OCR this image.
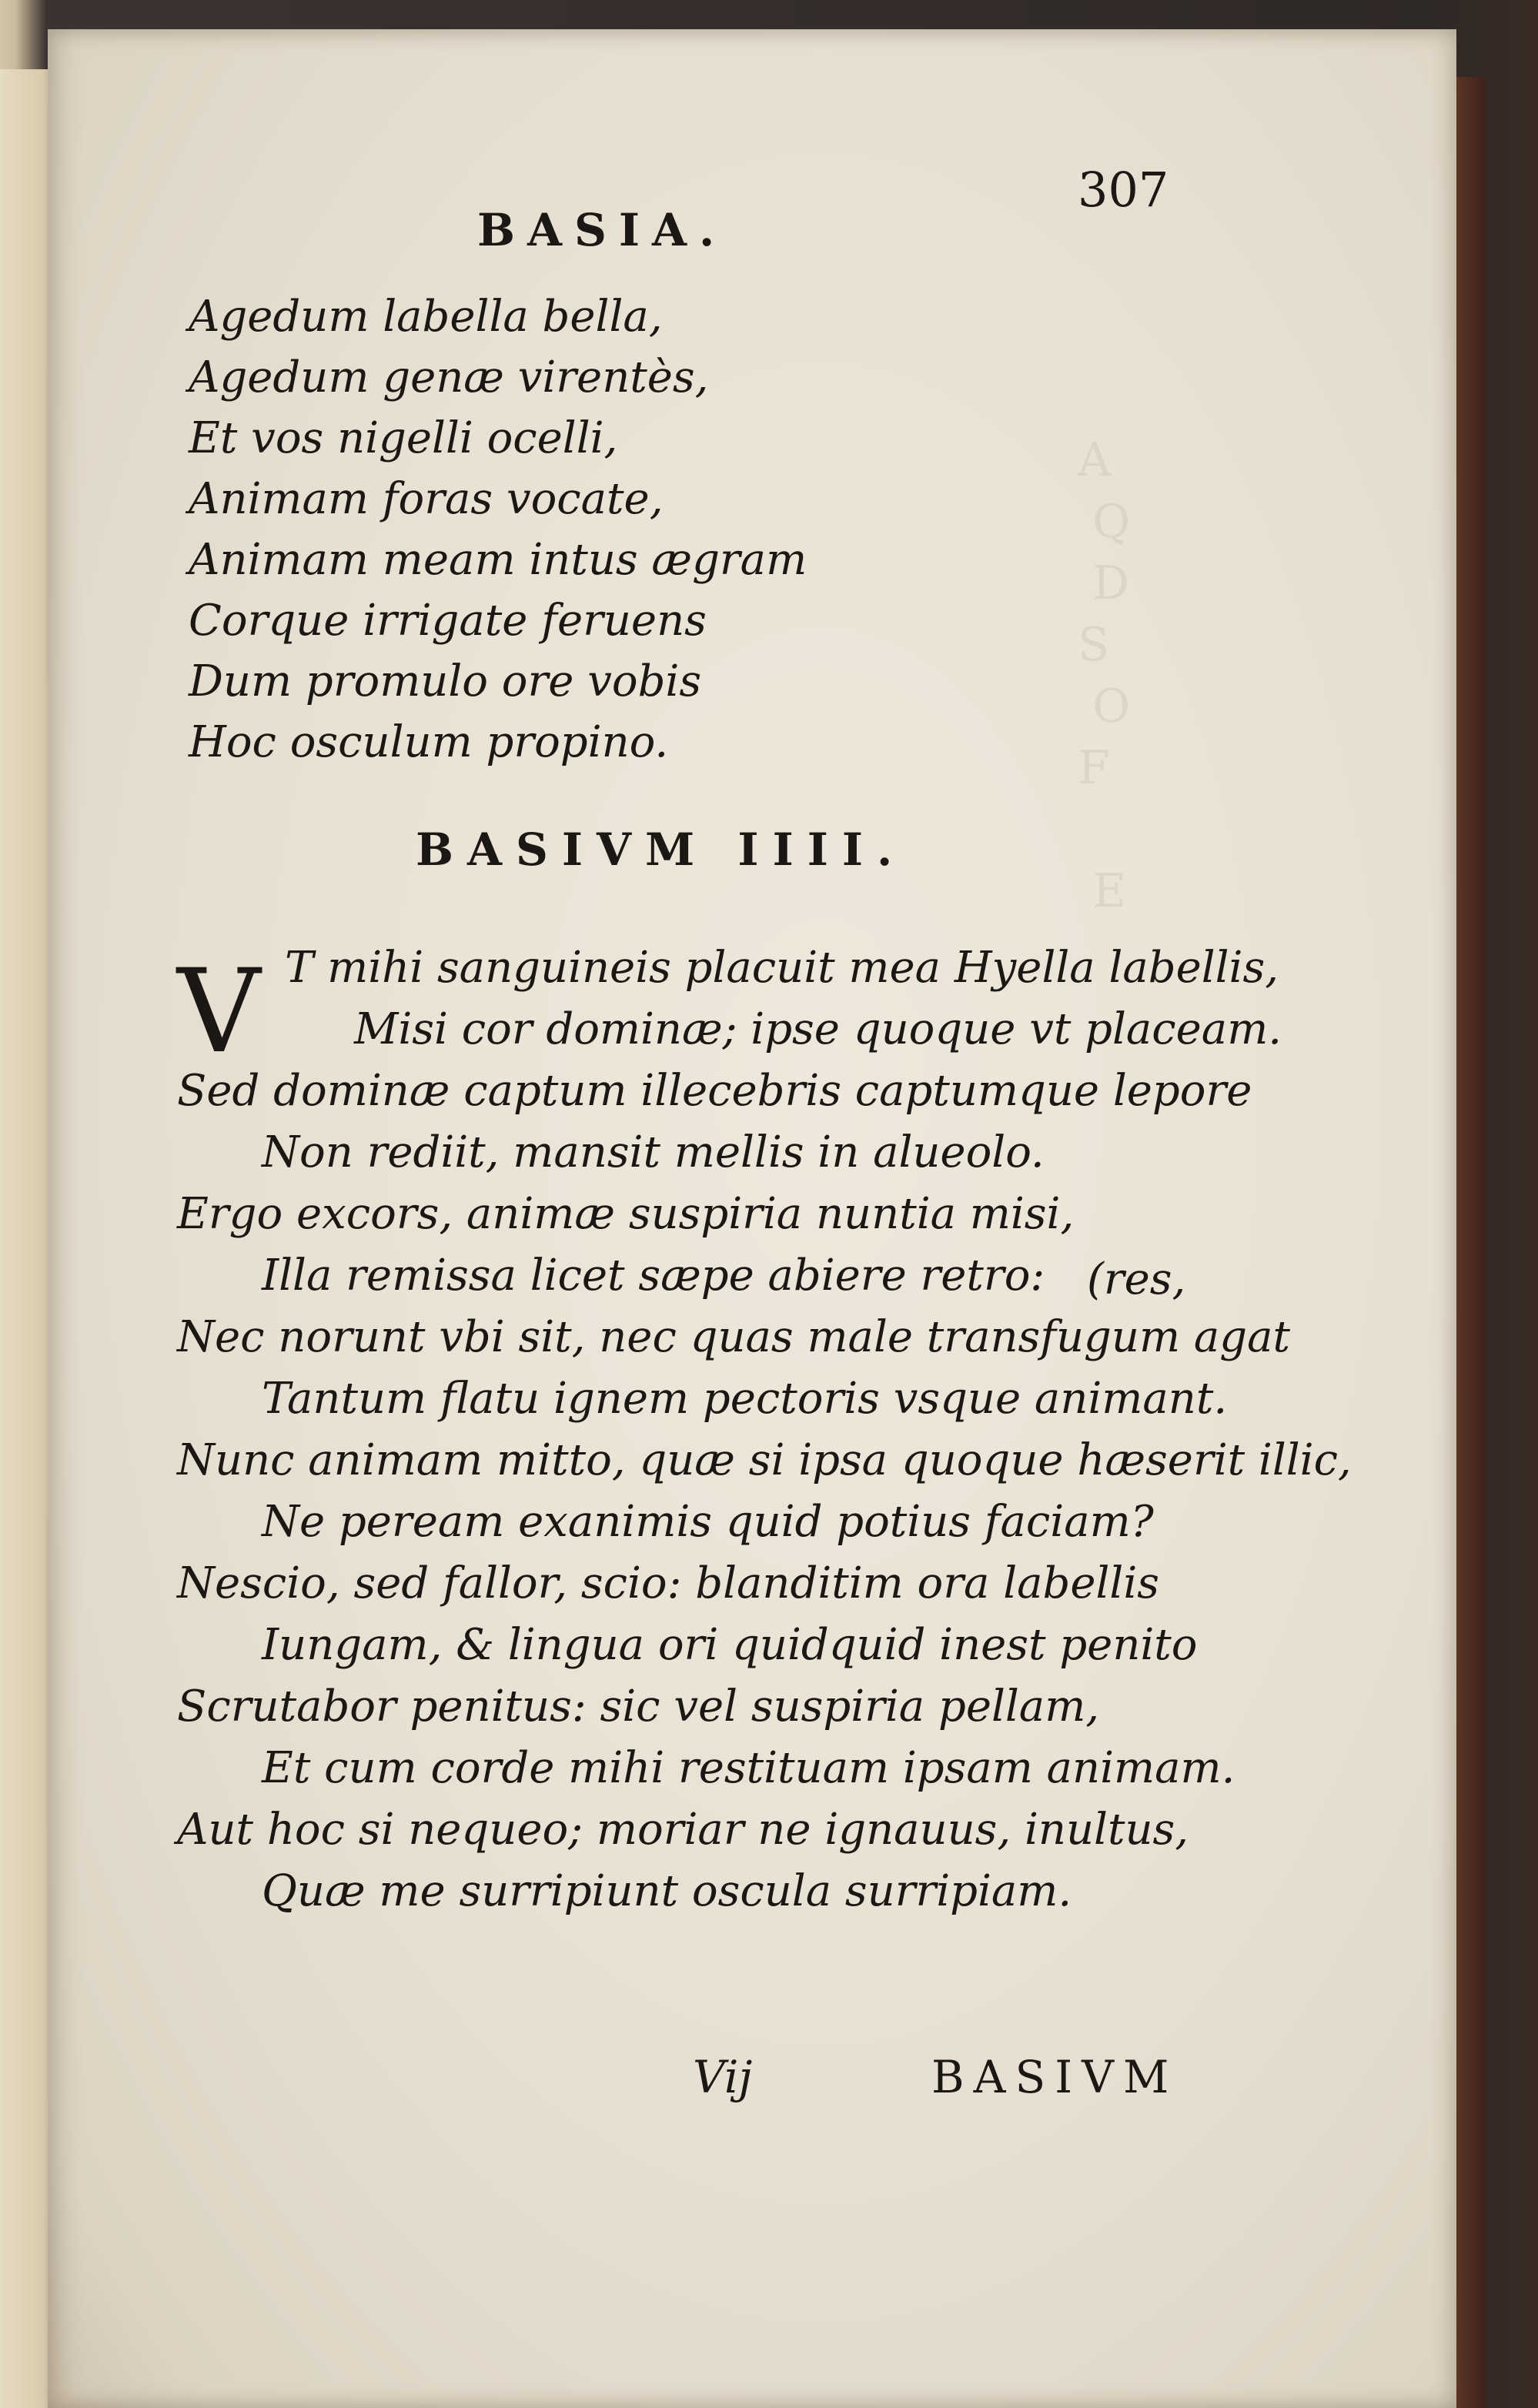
A
Q
D
S
O
F

E
BASIA.
307
Agedum labella bella,
Agedum genæ virentès,
Et vos nigelli ocelli,
Animam foras vocate,
Animam meam intus ægram
Corque irrigate feruens
Dum promulo ore vobis
Hoc osculum propino.
BASIVM IIII.
V T mihi sanguineis placuit mea Hyella labellis,
Misi cor dominæ; ipse quoque vt placeam.
Sed dominæ captum illecebris captumque lepore
Non rediit, mansit mellis in alueolo.
Ergo excors, animæ suspiria nuntia misi,
Illa remissa licet sæpe abiere retro:
Nec norunt vbi sit, nec quas male transfugum agat
Tantum flatu ignem pectoris vsque animant.
Nunc animam mitto, quæ si ipsa quoque hæserit illic,
Ne peream exanimis quid potius faciam?
Nescio, sed fallor, scio: blanditim ora labellis
Iungam, & lingua ori quidquid inest penito
Scrutabor penitus: sic vel suspiria pellam,
Et cum corde mihi restituam ipsam animam.
Aut hoc si nequeo; moriar ne ignauus, inultus,
Quæ me surripiunt oscula surripiam.
(res,
Vij	BASIVM
